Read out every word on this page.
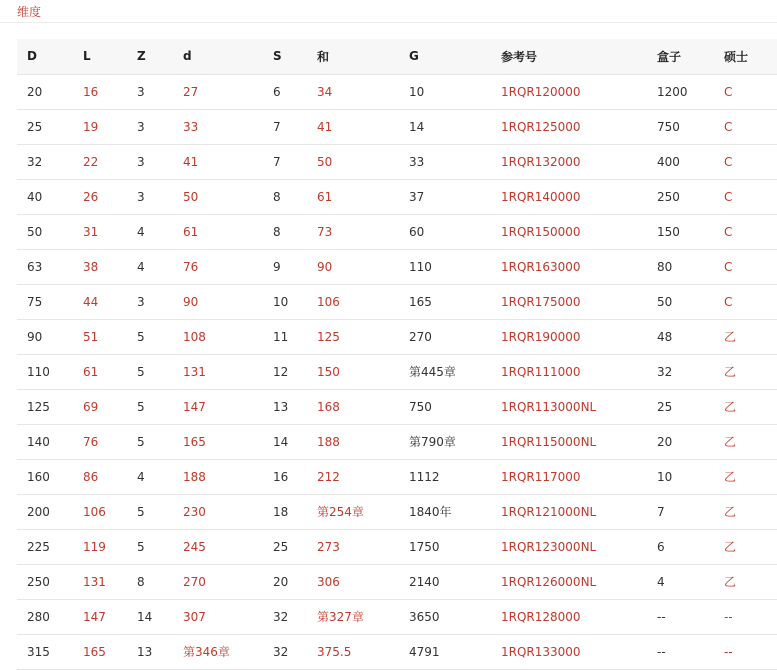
维度
D	L	Z	d	S	和	G	参考号	盒子	硕士
20	16	3	27	6	34	10	1RQR120000	1200	C
25	19	3	33	7	41	14	1RQR125000	750	C
32	22	3	41	7	50	33	1RQR132000	400	C
40	26	3	50	8	61	37	1RQR140000	250	C
50	31	4	61	8	73	60	1RQR150000	150	C
63	38	4	76	9	90	110	1RQR163000	80	C
75	44	3	90	10	106	165	1RQR175000	50	C
90	51	5	108	11	125	270	1RQR190000	48	乙
110	61	5	131	12	150	第445章	1RQR111000	32	乙
125	69	5	147	13	168	750	1RQR113000NL	25	乙
140	76	5	165	14	188	第790章	1RQR115000NL	20	乙
160	86	4	188	16	212	1112	1RQR117000	10	乙
200	106	5	230	18	第254章	1840年	1RQR121000NL	7	乙
225	119	5	245	25	273	1750	1RQR123000NL	6	乙
250	131	8	270	20	306	2140	1RQR126000NL	4	乙
280	147	14	307	32	第327章	3650	1RQR128000	--	--
315	165	13	第346章	32	375.5	4791	1RQR133000	--	--
